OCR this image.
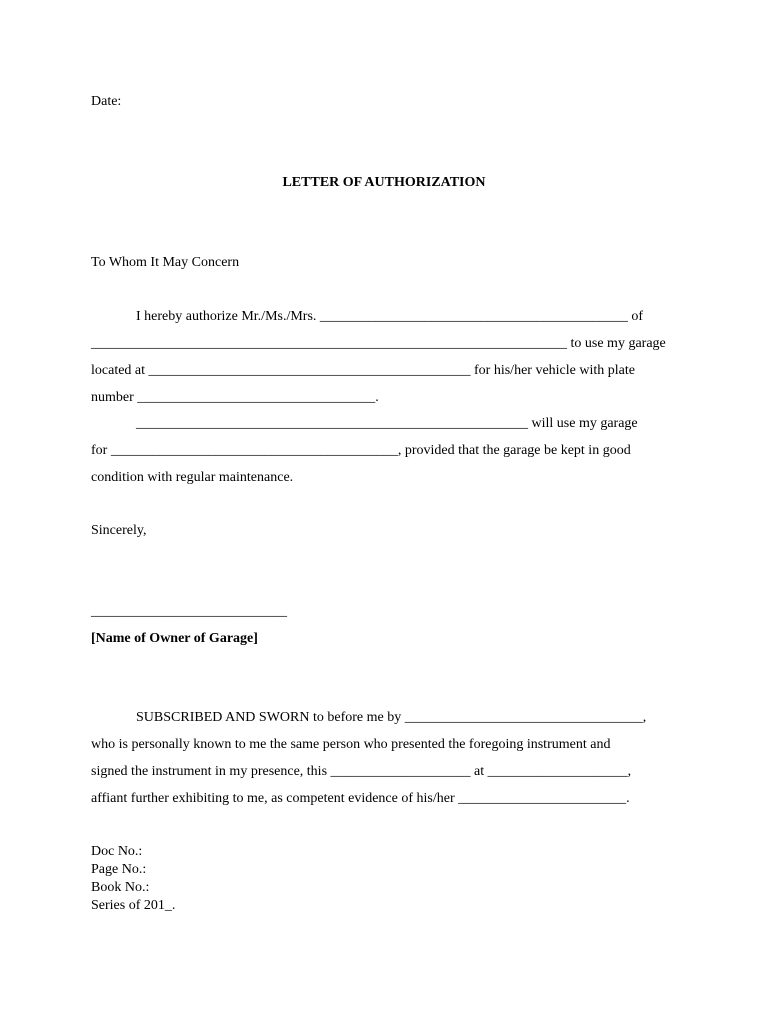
Date:
LETTER OF AUTHORIZATION
To Whom It May Concern
I hereby authorize Mr./Ms./Mrs. ____________________________________________ of
____________________________________________________________________ to use my garage
located at ______________________________________________ for his/her vehicle with plate
number __________________________________.
________________________________________________________ will use my garage
for _________________________________________, provided that the garage be kept in good
condition with regular maintenance.
Sincerely,
____________________________
[Name of Owner of Garage]
SUBSCRIBED AND SWORN to before me by __________________________________,
who is personally known to me the same person who presented the foregoing instrument and
signed the instrument in my presence, this ____________________ at ____________________,
affiant further exhibiting to me, as competent evidence of his/her ________________________.
Doc No.:
Page No.:
Book No.:
Series of 201_.
